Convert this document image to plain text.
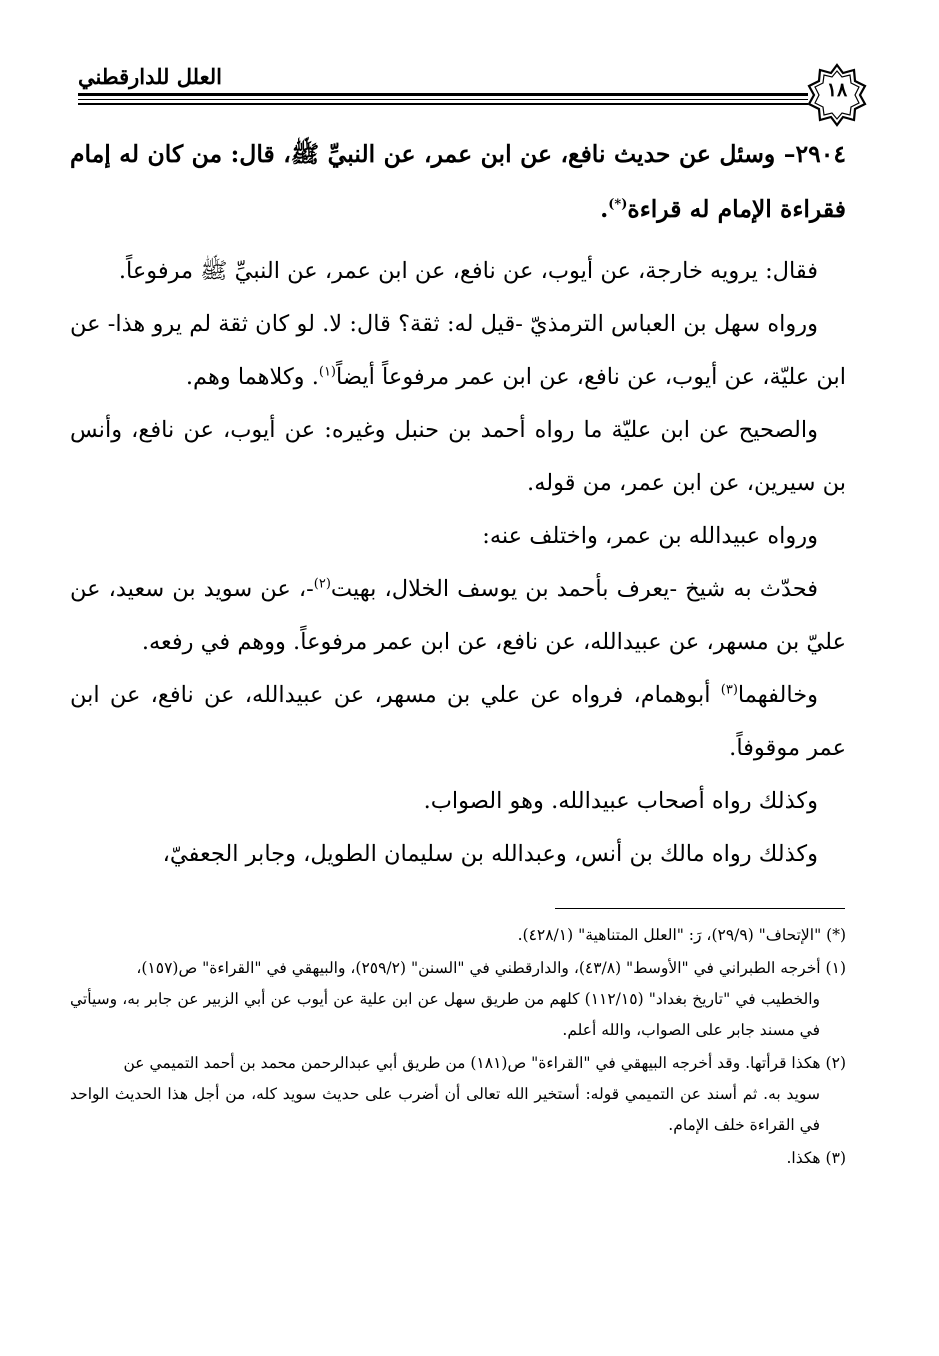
العلل للدارقطني
١٨

٢٩٠٤– وسئل عن حديث نافع، عن ابن عمر، عن النبيِّ ﷺ، قال: من كان له إمام فقراءة الإمام له قراءة(*).

فقال: يرويه خارجة، عن أيوب، عن نافع، عن ابن عمر، عن النبيِّ ﷺ مرفوعاً.

ورواه سهل بن العباس الترمذيّ -قيل له: ثقة؟ قال: لا. لو كان ثقة لم يرو هذا- عن ابن عليّة، عن أيوب، عن نافع، عن ابن عمر مرفوعاً أيضاً$^{(١)}$. وكلاهما وهم.

والصحيح عن ابن عليّة ما رواه أحمد بن حنبل وغيره: عن أيوب، عن نافع، وأنس بن سيرين، عن ابن عمر، من قوله.

ورواه عبيدالله بن عمر، واختلف عنه:

فحدّث به شيخ -يعرف بأحمد بن يوسف الخلال، بهيت$^{(٢)}$-، عن سويد بن سعيد، عن عليّ بن مسهر، عن عبيدالله، عن نافع، عن ابن عمر مرفوعاً. ووهم في رفعه.

وخالفهما$^{(٣)}$ أبوهمام، فرواه عن علي بن مسهر، عن عبيدالله، عن نافع، عن ابن عمر موقوفاً.

وكذلك رواه أصحاب عبيدالله. وهو الصواب.

وكذلك رواه مالك بن أنس، وعبدالله بن سليمان الطويل، وجابر الجعفيّ،

(*) "الإتحاف" (٢٩/٩)، رَ: "العلل المتناهية" (٤٢٨/١).

(١) أخرجه الطبراني في "الأوسط" (٤٣/٨)، والدارقطني في "السنن" (٢٥٩/٢)، والبيهقي في "القراءة" ص(١٥٧)،
والخطيب في "تاريخ بغداد" (١١٢/١٥) كلهم من طريق سهل عن ابن علية عن أيوب عن أبي الزبير عن جابر به، وسيأتي في مسند جابر على الصواب، والله أعلم.

(٢) هكذا قرأتها. وقد أخرجه البيهقي في "القراءة" ص(١٨١) من طريق أبي عبدالرحمن محمد بن أحمد التميمي عن
سويد به. ثم أسند عن التميمي قوله: أستخير الله تعالى أن أضرب على حديث سويد كله، من أجل هذا الحديث الواحد في القراءة خلف الإمام.

(٣) هكذا.
